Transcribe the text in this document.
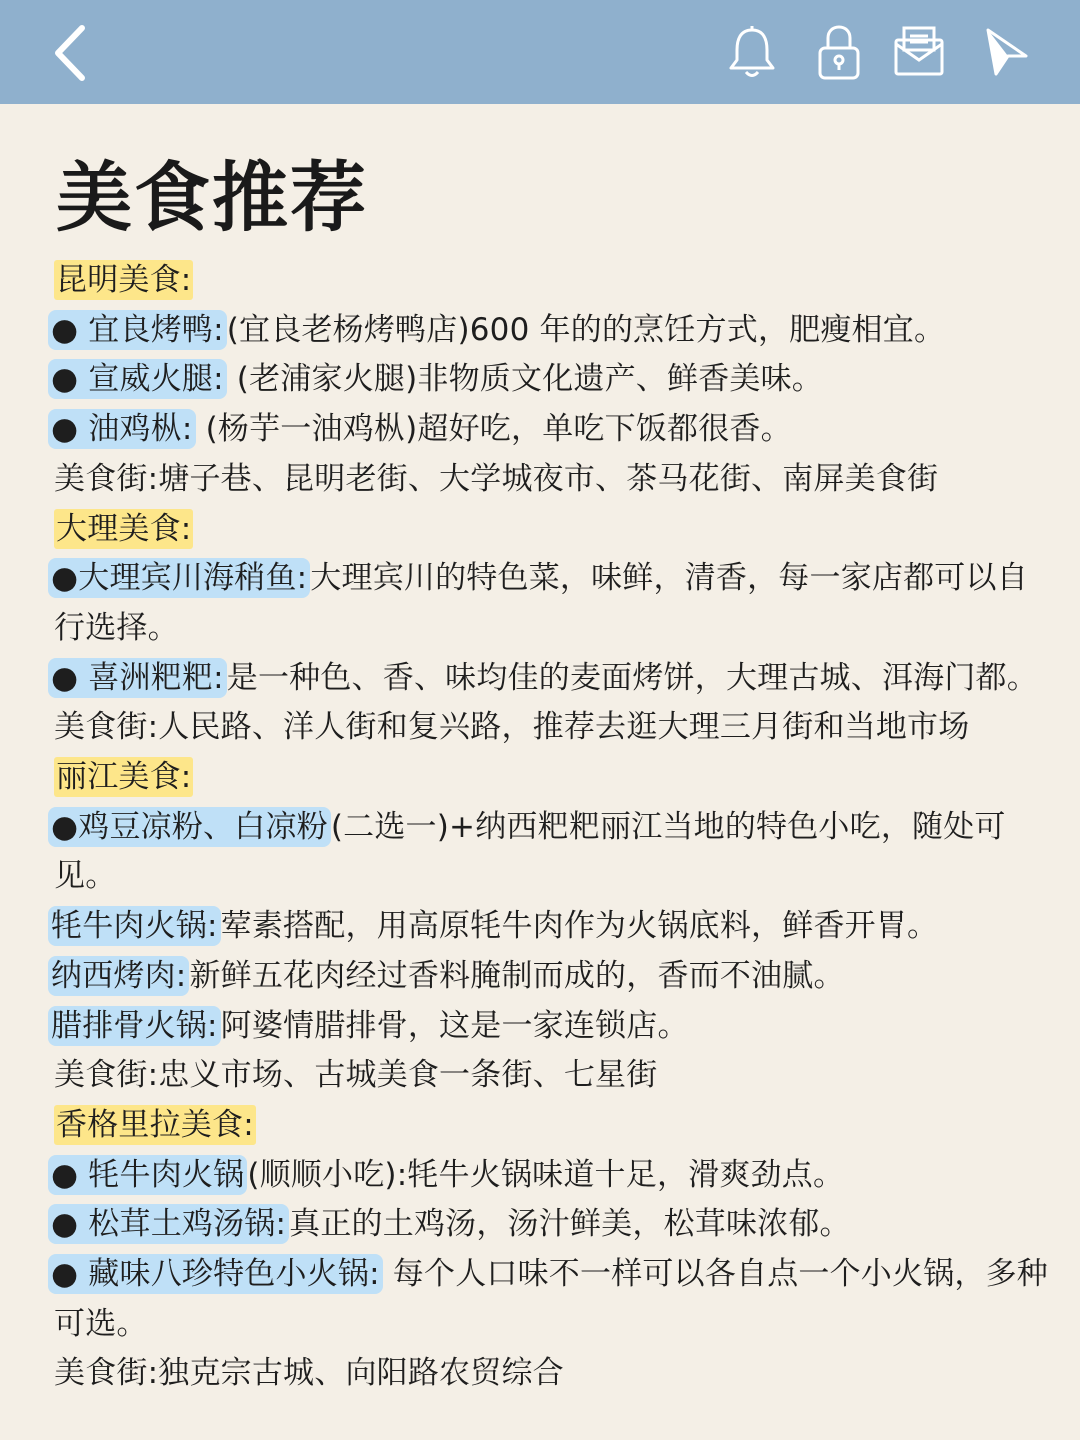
美食推荐
昆明美食:
● 宜良烤鸭:(宜良老杨烤鸭店)600 年的的烹饪方式，肥瘦相宜。
● 宣威火腿: (老浦家火腿)非物质文化遗产、鲜香美味。
● 油鸡枞: (杨芋一油鸡枞)超好吃，单吃下饭都很香。
美食街:塘子巷、昆明老街、大学城夜市、茶马花街、南屏美食街
大理美食:
●大理宾川海稍鱼:大理宾川的特色菜，味鲜，清香，每一家店都可以自行选择。
● 喜洲粑粑:是一种色、香、味均佳的麦面烤饼，大理古城、洱海门都。
美食街:人民路、洋人街和复兴路，推荐去逛大理三月街和当地市场
丽江美食:
●鸡豆凉粉、白凉粉(二选一)+纳西粑粑丽江当地的特色小吃，随处可见。
牦牛肉火锅:荤素搭配，用高原牦牛肉作为火锅底料，鲜香开胃。
纳西烤肉:新鲜五花肉经过香料腌制而成的，香而不油腻。
腊排骨火锅:阿婆情腊排骨，这是一家连锁店。
美食街:忠义市场、古城美食一条街、七星街
香格里拉美食:
● 牦牛肉火锅(顺顺小吃):牦牛火锅味道十足，滑爽劲点。
● 松茸土鸡汤锅:真正的土鸡汤，汤汁鲜美，松茸味浓郁。
● 藏味八珍特色小火锅: 每个人口味不一样可以各自点一个小火锅，多种可选。
美食街:独克宗古城、向阳路农贸综合
